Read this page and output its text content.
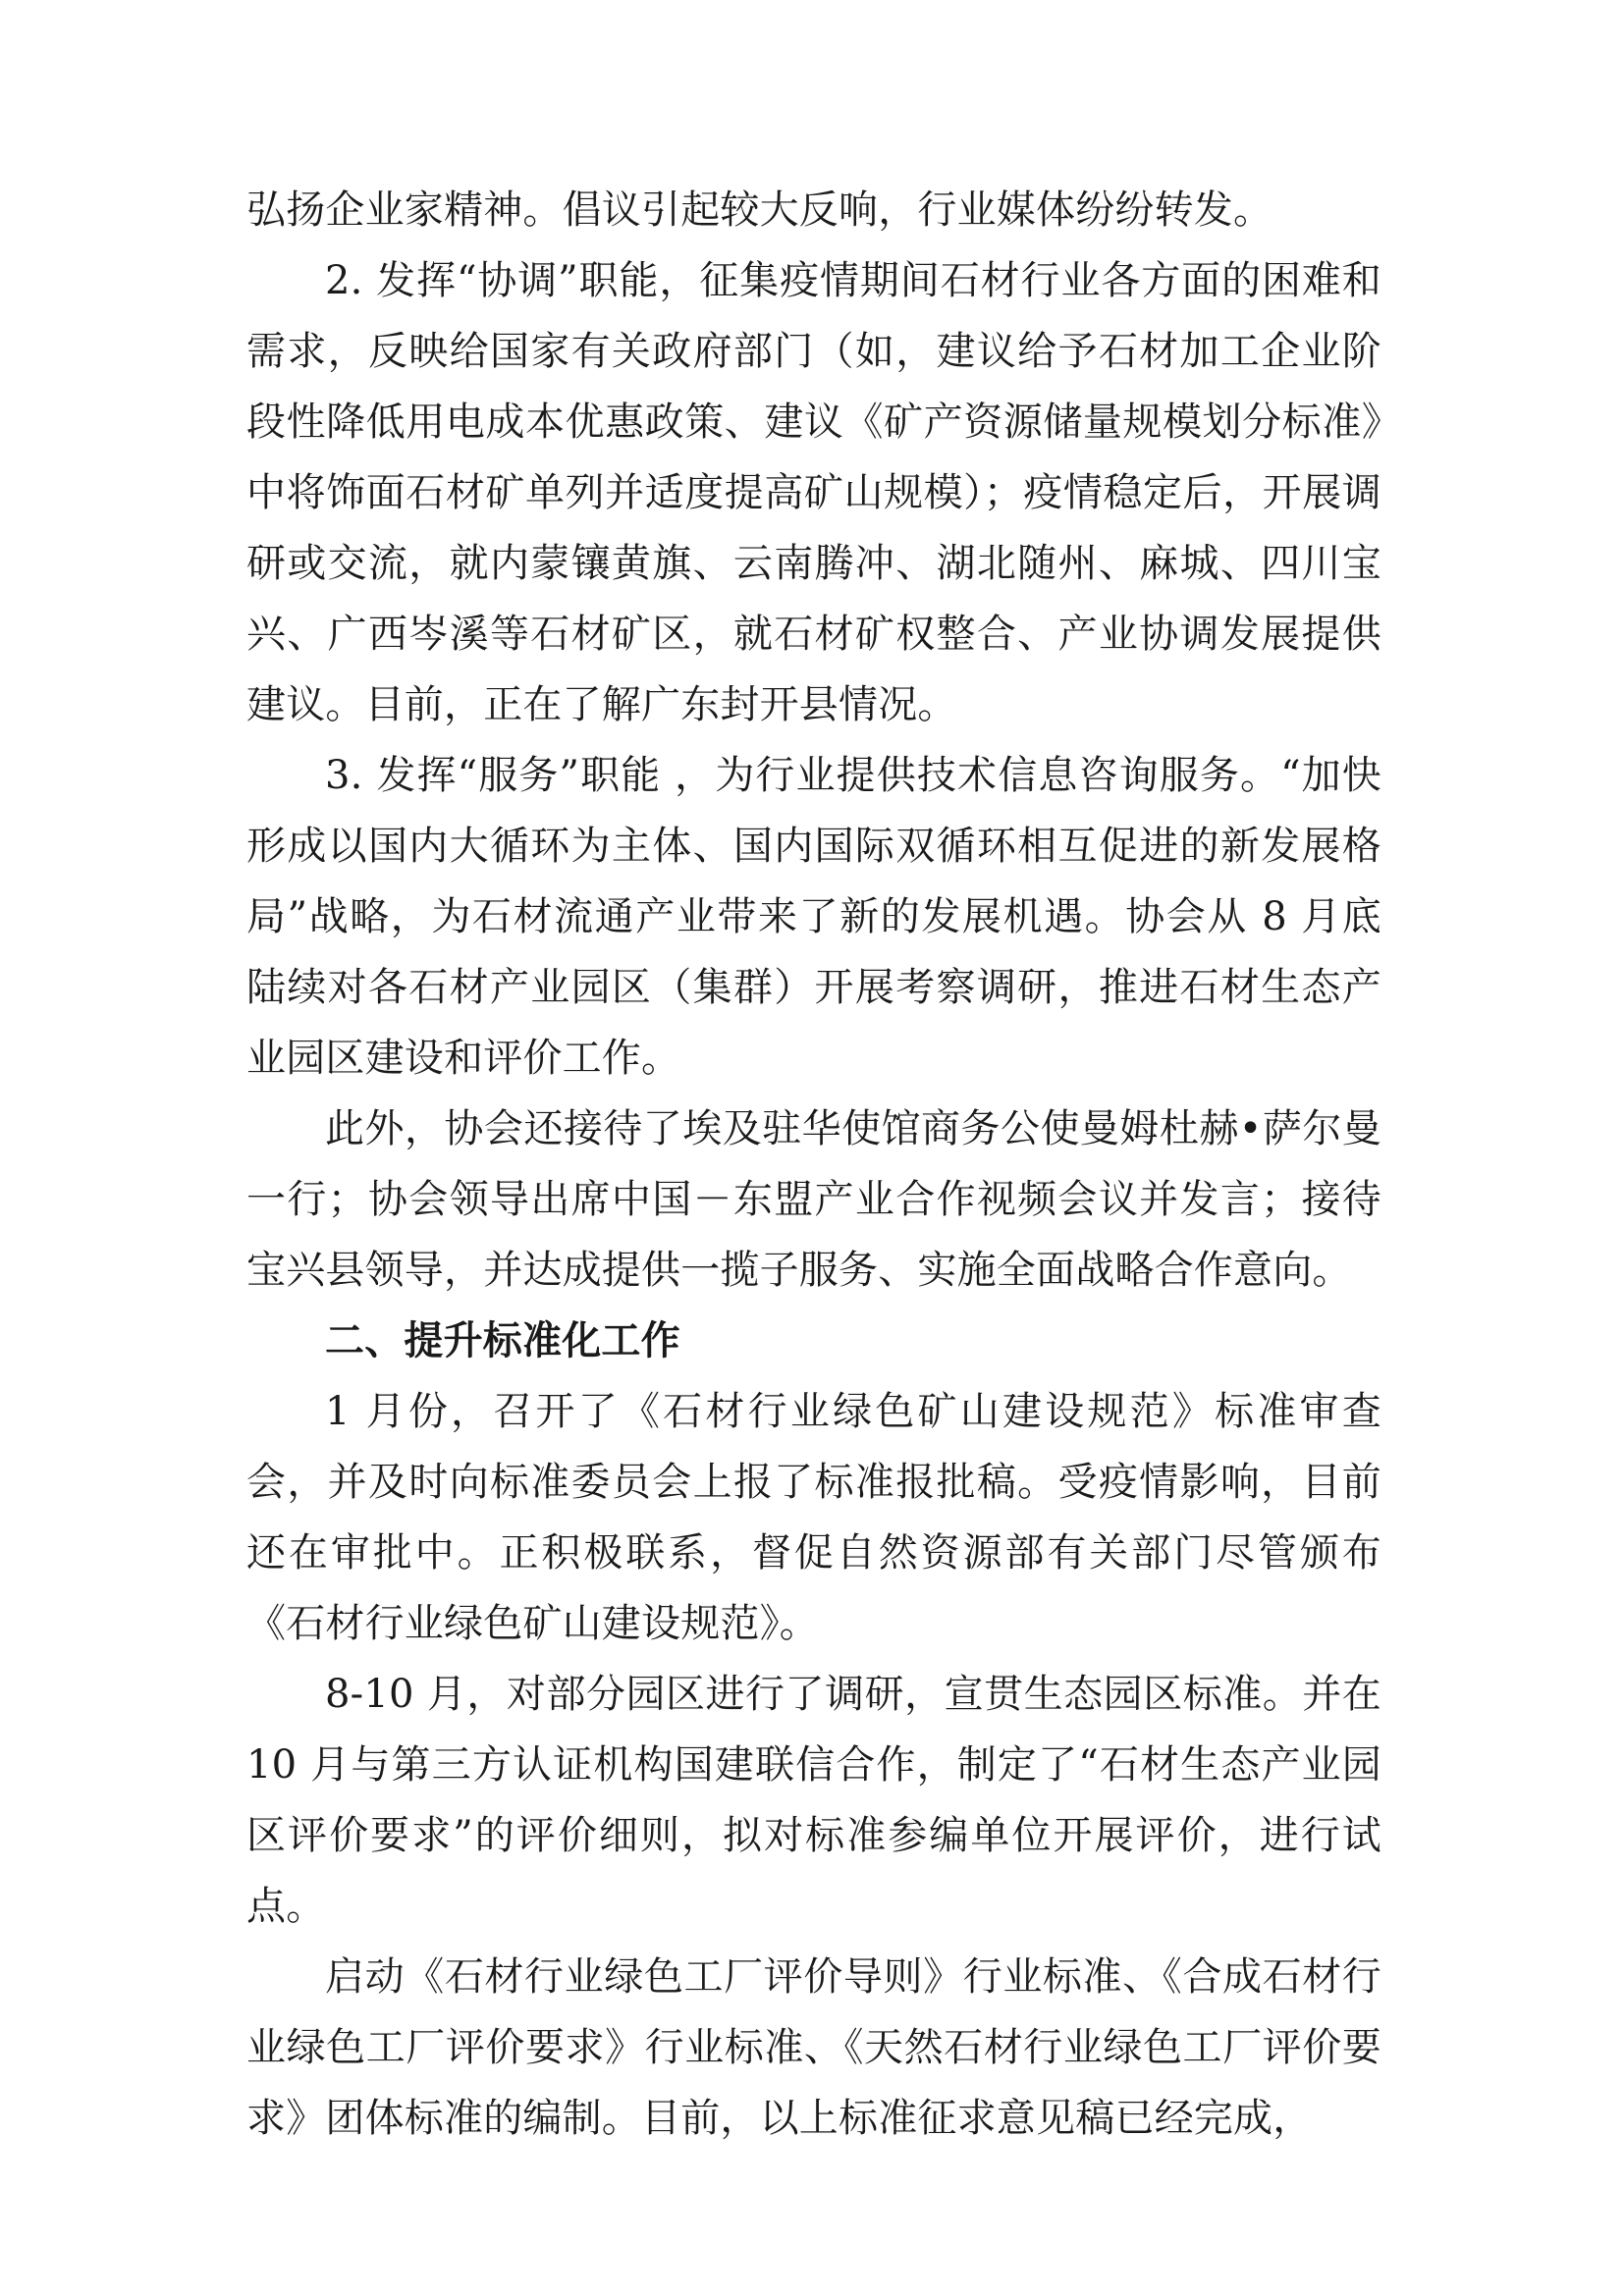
弘扬企业家精神。倡议引起较大反响，行业媒体纷纷转发。

2. 发挥“协调”职能，征集疫情期间石材行业各方面的困难和需求，反映给国家有关政府部门（如，建议给予石材加工企业阶段性降低用电成本优惠政策、建议《矿产资源储量规模划分标准》中将饰面石材矿单列并适度提高矿山规模）；疫情稳定后，开展调研或交流，就内蒙镶黄旗、云南腾冲、湖北随州、麻城、四川宝兴、广西岑溪等石材矿区，就石材矿权整合、产业协调发展提供建议。目前，正在了解广东封开县情况。

3. 发挥“服务”职能 ，为行业提供技术信息咨询服务。“加快形成以国内大循环为主体、国内国际双循环相互促进的新发展格局”战略，为石材流通产业带来了新的发展机遇。协会从 8 月底陆续对各石材产业园区（集群）开展考察调研，推进石材生态产业园区建设和评价工作。

此外，协会还接待了埃及驻华使馆商务公使曼姆杜赫•萨尔曼一行；协会领导出席中国－东盟产业合作视频会议并发言；接待宝兴县领导，并达成提供一揽子服务、实施全面战略合作意向。

二、提升标准化工作

1 月份，召开了《石材行业绿色矿山建设规范》标准审查会，并及时向标准委员会上报了标准报批稿。受疫情影响，目前还在审批中。正积极联系，督促自然资源部有关部门尽管颁布《石材行业绿色矿山建设规范》。

8-10 月，对部分园区进行了调研，宣贯生态园区标准。并在 10 月与第三方认证机构国建联信合作，制定了“石材生态产业园区评价要求”的评价细则，拟对标准参编单位开展评价，进行试点。

启动《石材行业绿色工厂评价导则》行业标准、《合成石材行业绿色工厂评价要求》行业标准、《天然石材行业绿色工厂评价要求》团体标准的编制。目前，以上标准征求意见稿已经完成，
